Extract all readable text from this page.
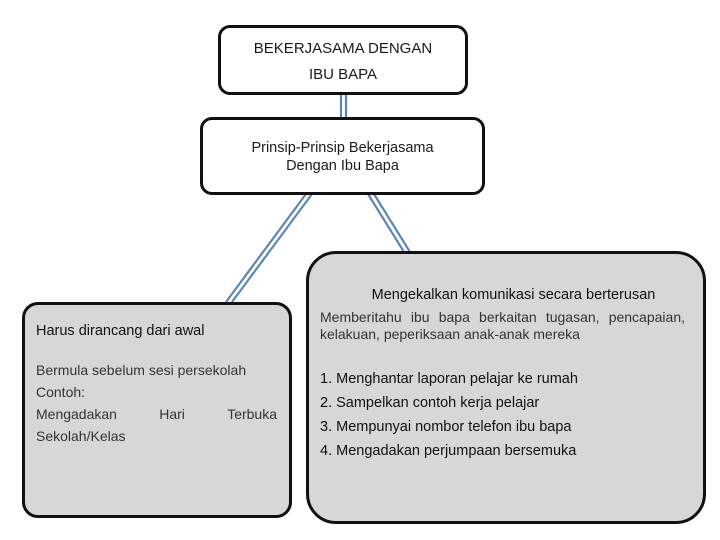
BEKERJASAMA DENGAN
IBU BAPA
Prinsip-Prinsip Bekerjasama
Dengan Ibu Bapa

Harus dirancang dari awal

Bermula sebelum sesi persekolah

Contoh:

Mengadakan	Hari	Terbuka

Sekolah/Kelas

Mengekalkan komunikasi secara berterusan

Memberitahu ibu bapa berkaitan tugasan, pencapaian, kelakuan, peperiksaan anak-anak mereka

1. Menghantar laporan pelajar ke rumah
2. Sampelkan contoh kerja pelajar
3. Mempunyai nombor telefon ibu bapa
4. Mengadakan perjumpaan bersemuka
